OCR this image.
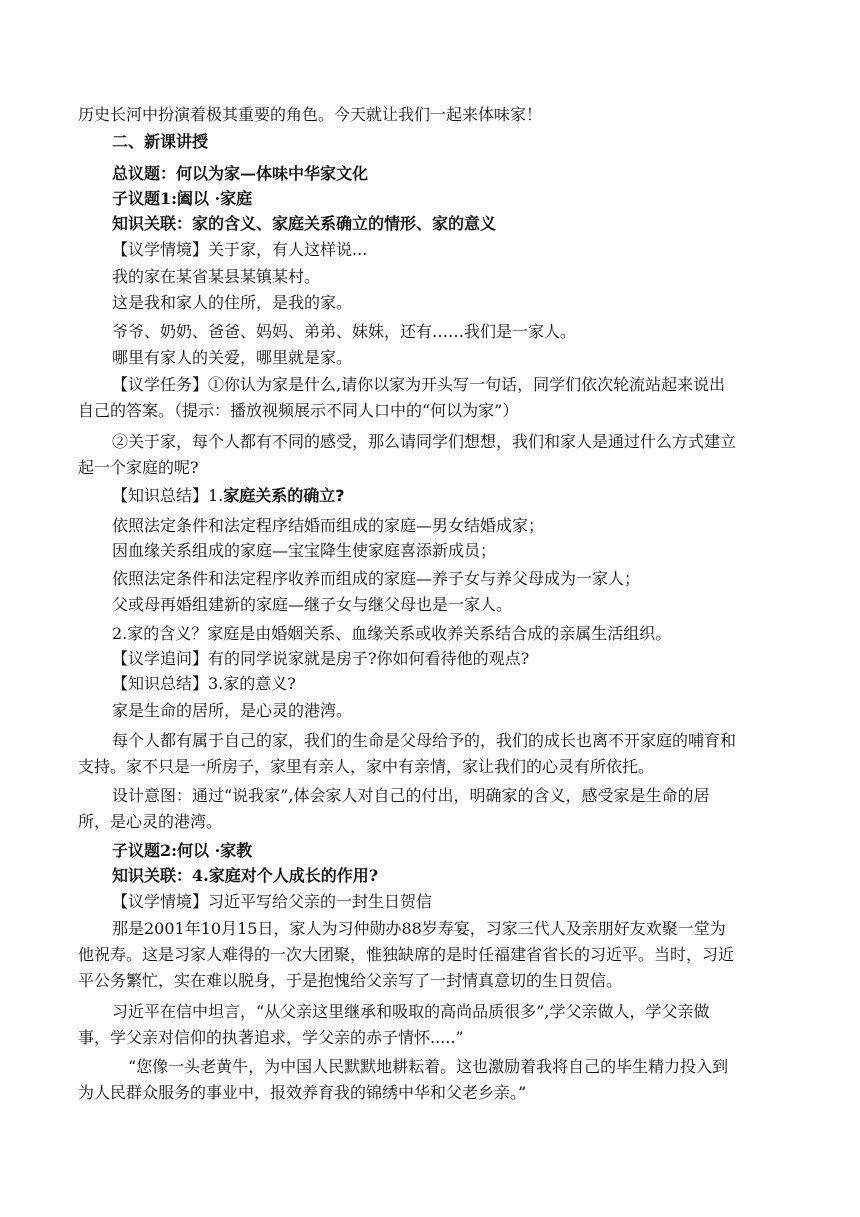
历史长河中扮演着极其重要的角色。今天就让我们一起来体味家！
二、新课讲授
总议题：何以为家—体味中华家文化
子议题1:阖以 ·家庭
知识关联：家的含义、家庭关系确立的情形、家的意义
【议学情境】关于家，有人这样说...
我的家在某省某县某镇某村。
这是我和家人的住所，是我的家。
爷爷、奶奶、爸爸、妈妈、弟弟、妹妹，还有……我们是一家人。
哪里有家人的关爱，哪里就是家。
【议学任务】①你认为家是什么,请你以家为开头写一句话，同学们依次轮流站起来说出
自己的答案。（提示：播放视频展示不同人口中的“何以为家”）
②关于家，每个人都有不同的感受，那么请同学们想想，我们和家人是通过什么方式建立
起一个家庭的呢?
【知识总结】1.家庭关系的确立?
依照法定条件和法定程序结婚而组成的家庭—男女结婚成家；
因血缘关系组成的家庭—宝宝降生使家庭喜添新成员；
依照法定条件和法定程序收养而组成的家庭—养子女与养父母成为一家人；
父或母再婚组建新的家庭—继子女与继父母也是一家人。
2.家的含义？家庭是由婚姻关系、血缘关系或收养关系结合成的亲属生活组织。
【议学追问】有的同学说家就是房子?你如何看待他的观点?
【知识总结】3.家的意义?
家是生命的居所，是心灵的港湾。
每个人都有属于自己的家，我们的生命是父母给予的，我们的成长也离不开家庭的哺育和
支持。家不只是一所房子，家里有亲人，家中有亲情，家让我们的心灵有所依托。
设计意图：通过“说我家”,体会家人对自己的付出，明确家的含义，感受家是生命的居
所，是心灵的港湾。
子议题2:何以 ·家教
知识关联：4.家庭对个人成长的作用?
【议学情境】习近平写给父亲的一封生日贺信
那是2001年10月15日，家人为习仲勋办88岁寿宴，习家三代人及亲朋好友欢聚一堂为
他祝寿。这是习家人难得的一次大团聚，惟独缺席的是时任福建省省长的习近平。当时，习近
平公务繁忙，实在难以脱身，于是抱愧给父亲写了一封情真意切的生日贺信。
习近平在信中坦言，“从父亲这里继承和吸取的高尚品质很多”,学父亲做人，学父亲做
事，学父亲对信仰的执著追求，学父亲的赤子情怀.....”
“您像一头老黄牛，为中国人民默默地耕耘着。这也激励着我将自己的毕生精力投入到
为人民群众服务的事业中，报效养育我的锦绣中华和父老乡亲。”
